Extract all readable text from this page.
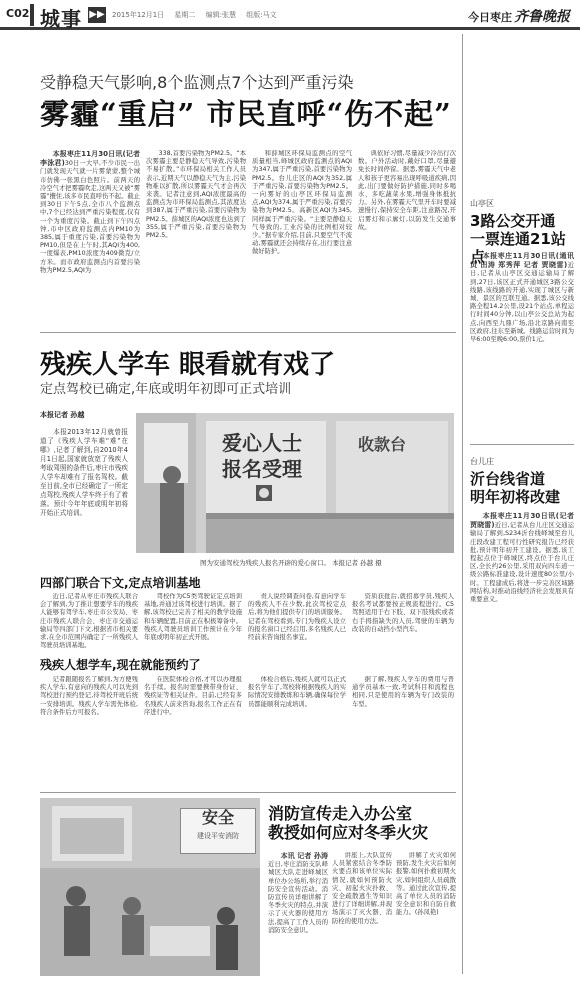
C02 城事 ▶▶ 2015年12月1日 星期二 编辑:张慧 组版:马文	今日枣庄 齐鲁晚报
受静稳天气影响,8个监测点7个达到严重污染
雾霾“重启” 市民直呼“伤不起”

本报枣庄11月30日讯(记者 李泳君)30日一大早,不少市民一出门就发现天气就一片雾蒙蒙,整个城市仿佛一张黑白色照片。前两天的冷空气才把雾霾吹走,这两天又被“雾霾”攪住,该多市民直呼伤不起。截止到30日下午5点,全市八个监测点中,7个已经达到严重污染程度,仅有一个为重度污染。截止到下午四点钟,市中区政府监测点内PM10为385,属于重度污染,首要污染物为PM10,但是在上午时,其AQI为400,一度爆表,PM10浓度为409微克/立方米。而市政府监测点内首要污染物为PM2.5,AQI为

338,首要污染物为PM2.5。“本次雾霾主要是静稳天气导致,污染物不易扩散。”市环保局相关工作人员表示,近期天气以静稳天气为主,污染物难以扩散,所以雾霾天气才会再次来袭。记者注意到,AQI浓度最高的监测点为市环保局监测点,其浓度达到387,属于严重污染,首要污染物为PM2.5。薛城区的AQI浓度也达到了355,属于严重污染,首要污染物为PM2.5。

和薛城区环保局监测点的空气质量相当,峄城区政府监测点的AQI为347,属于严重污染,首要污染物为PM2.5。台儿庄区的AQI为352,属于严重污染,首要污染物为PM2.5。一向雾好的山亭区环保局监测点,AQI为374,属于严重污染,首要污染物为PM2.5。高新区AQI为345,同样属于严重污染。“主要是静稳天气导致的,工业污染的比例相对较少。”据专家介绍,目前,只要空气不流动,雾霾就还会持续存在,出行要注意做好防护。

典依好习惯,尽量减少冷出行次数。户外活动时,戴好口罩,尽量避免长时间停留。据悉,雾霾天气中老人和孩子更容易出现呼吸道疾病,因此,出门要做好防护措施,同时多喝水、多吃蔬菜水果,增强身体抵抗力。另外,在雾霾天气里开车时要减速慢行,保持安全车距,注意路况,开启雾灯和示廓灯,以防发生交通事故。

残疾人学车 眼看就有戏了
定点驾校已确定,年底或明年初即可正式培训
本报记者 孙越

本报2013年12月就曾报道了《残疾人学车难“难”在哪》,记者了解到,自2010年4月1日起,国家就放宽了残疾人考取驾照的条件后,枣庄市残疾人学车却难有了报名驾校。截至目前,全市已经确定了一所定点驾校,残疾人学车终于有了着落。预计今年年底或明年初将开始正式培训。

爱心人士
报名受理
收款台
图为安通驾校为残疾人报名开辟的爱心窗口。 本报记者 孙越 摄
四部门联合下文,定点培训基地

近日,记者从枣庄市残疾人联合会了解到,为了推让想要学车的残疾人能够有驾学车,枣庄市公安局、枣庄市残疾人联合会、枣庄市交通运输局等四部门下文,根据省市相关要求,在全市范围内确定了一所残疾人驾驶员培训基地。

驾校作为C5类驾驶证定点培训基地,并通过该驾校进行培训。据了解,该驾校已完善了相关的教学设施和车辆配置,目前正在积极筹备中。残疾人驾驶员培训工作预计在今年年底或明年初正式开展。

责人说经调查问卷,有意向学车的残疾人不在少数,此次驾校定点后,将为他们提供专门的培训服务。记者在驾校看到,专门为残疾人设立的报名窗口已经启用,多名残疾人已经前来咨询报名事宜。

资质获批后,就招募学员,残疾人报名考试都要按正规流程进行。C5驾照适用于右下肢、双下肢残疾或者右手拇指缺失的人员,驾驶的车辆为改装的自动挡小型汽车。

残疾人想学车,现在就能预约了

记者跟随报名了解到,为方便残疾人学车,有意向的残疾人可以先到驾校进行预约登记,待驾校开班后统一安排培训。残疾人学车需先体检,符合条件后方可报名。

在医院体检合格,才可以办理报名手续。报名时需要携带身份证、残疾证等相关证件。目前,已经有多名残疾人前来咨询,报名工作正在有序进行中。

体检合格后,残疾人就可以正式报名学车了,驾校将根据残疾人的实际情况安排教练和车辆,确保每位学员都能顺利完成培训。

据了解,残疾人学车的费用与普通学员基本一致,考试科目和流程也相同,只是使用的车辆为专门改装的车型。

安全
建设平安消防
消防宣传走入办公室
教授如何应对冬季火灾

本讯 记者 孙涛近日,枣庄消防支队峄城区大队走进峄城区单位办公场所,举行消防安全宣传活动。消防宣传员详细讲解了冬季火灾的特点,并演示了灭火器的使用方法,提高了工作人员的消防安全意识。

讲座上,大队宣传人员紧密结合冬季防火要点和该单位实际情况,就如何预防火灾、初起火灾扑救、安全疏散逃生等知识进行了详细讲解,并现场演示了灭火器、消防栓的使用方法。

讲解了火灾如何预防,发生火灾后如何报警,如何扑救初期火灾,如何组织人员疏散等。通过此次宣传,提高了单位人员的消防安全意识和自防自救能力。(孙凤艳)

山亭区
3路公交开通
一票连通21站点

本报枣庄11月30日讯(通讯员 田涛 郑秀萍 记者 贾晓雷)近日,记者从山亭区交通运输局了解到,27日,该区正式开通城区3路公交线路,该线路的开通,实现了城区与新城、景区的互联互通。据悉,该公交线路全程14.2公里,设21个站点,单程运行时间40分钟,以山亭公交总站为起点,向西至九鼎广场,沿北京路向南至区政府,往东至新城。线路运营时间为早6:00至晚6:00,票价1元。

台儿庄
沂台线省道
明年初将改建

本报枣庄11月30日讯(记者 贾晓雷)近日,记者从台儿庄区交通运输局了解到,S234沂台线峄城至台儿庄段改建工程可行性研究报告已经获批,预计明年初开工建设。据悉,该工程起点位于峄城区,终点位于台儿庄区,全长约26公里,采用双向四车道一级公路标准建设,设计速度80公里/小时。工程建成后,将进一步完善区域路网结构,对推动沿线经济社会发展具有重要意义。
